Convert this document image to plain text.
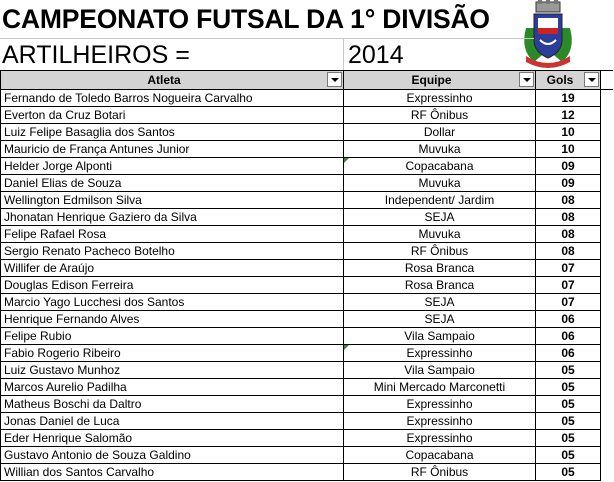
CAMPEONATO FUTSAL DA 1° DIVISÃO
ARTILHEIROS =	2014
Atleta	Equipe	Gols

Fernando de Toledo Barros Nogueira Carvalho	Expressinho	19	
Everton da Cruz Botari	RF Ônibus	12	
Luiz Felipe Basaglia dos Santos	Dollar	10	
Mauricio de França Antunes Junior	Muvuka	10	
Helder Jorge Alponti	Copacabana	09	
Daniel Elias de Souza	Muvuka	09	
Wellington Edmilson Silva	Independent/ Jardim	08	
Jhonatan Henrique Gaziero da Silva	SEJA	08	
Felipe Rafael Rosa	Muvuka	08	
Sergio Renato Pacheco Botelho	RF Ônibus	08	
Willifer de Araújo	Rosa Branca	07	
Douglas Edison Ferreira	Rosa Branca	07	
Marcio Yago Lucchesi dos Santos	SEJA	07	
Henrique Fernando Alves	SEJA	06	
Felipe Rubio	Vila Sampaio	06	
Fabio Rogerio Ribeiro	Expressinho	06	
Luiz Gustavo Munhoz	Vila Sampaio	05	
Marcos Aurelio Padilha	Mini Mercado Marconetti	05	
Matheus Boschi da Daltro	Expressinho	05	
Jonas Daniel de Luca	Expressinho	05	
Eder Henrique Salomão	Expressinho	05	
Gustavo Antonio de Souza Galdino	Copacabana	05	
Willian dos Santos Carvalho	RF Ônibus	05	
